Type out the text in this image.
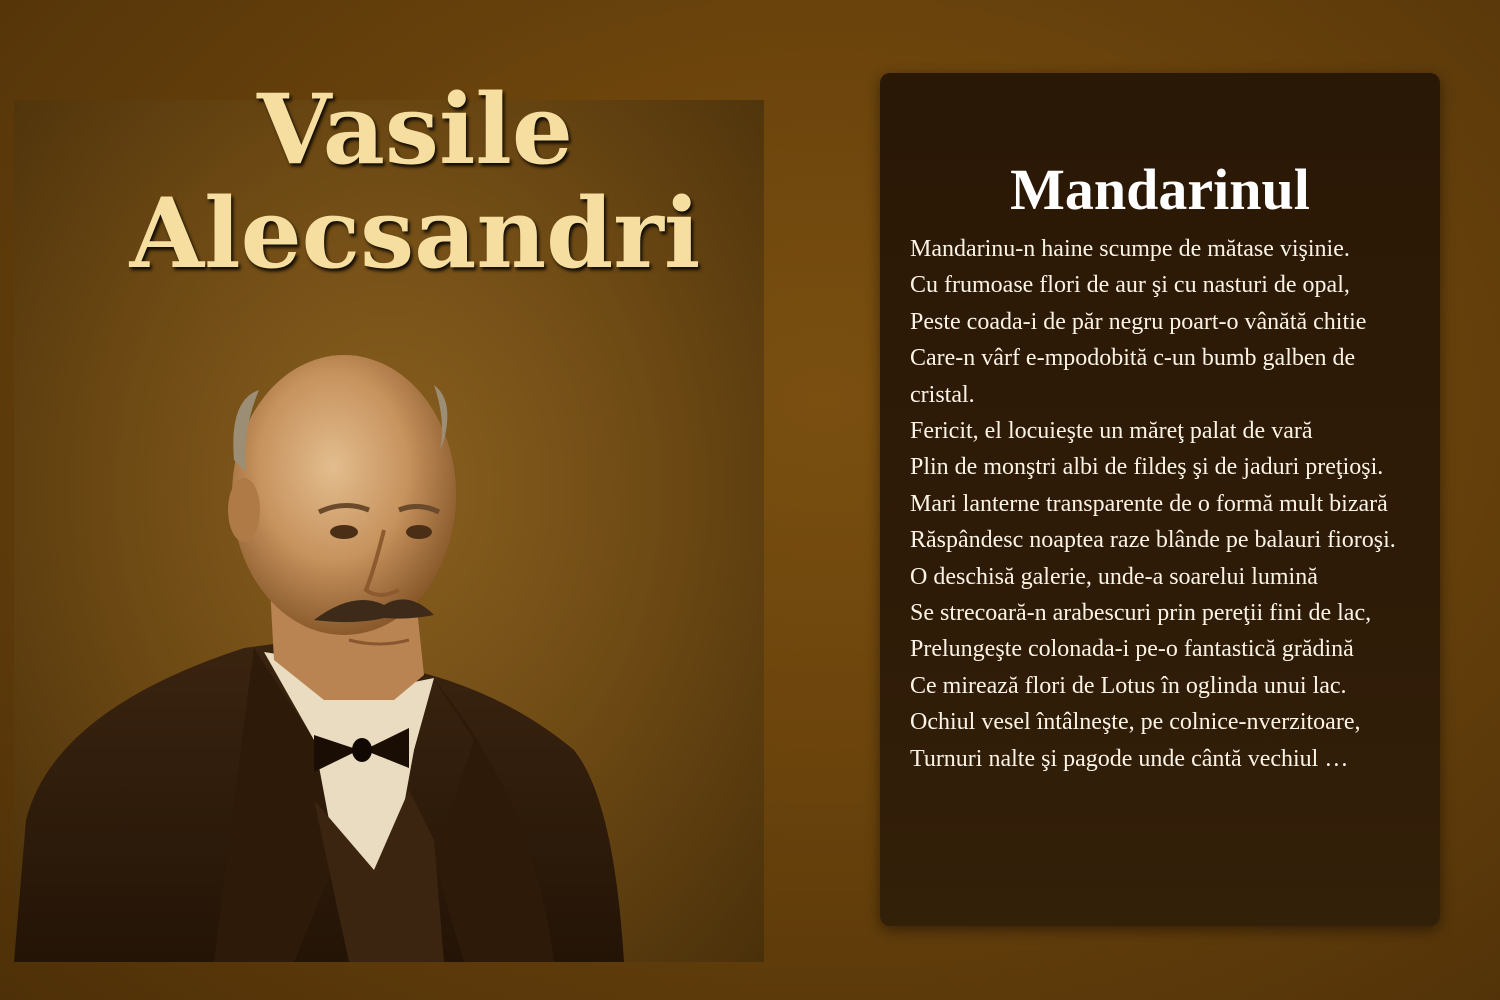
Vasile
Alecsandri	Mandarinul
Mandarinu-n haine scumpe de mătase vişinie.
Cu frumoase flori de aur şi cu nasturi de opal,
Peste coada-i de păr negru poart-o vânătă chitie
Care-n vârf e-mpodobită c-un bumb galben de cristal.
Fericit, el locuieşte un măreţ palat de vară
Plin de monştri albi de fildeş şi de jaduri preţioşi.
Mari lanterne transparente de o formă mult bizară
Răspândesc noaptea raze blânde pe balauri fioroşi.
O deschisă galerie, unde-a soarelui lumină
Se strecoară-n arabescuri prin pereţii fini de lac,
Prelungeşte colonada-i pe-o fantastică grădină
Ce mirează flori de Lotus în oglinda unui lac.
Ochiul vesel întâlneşte, pe colnice-nverzitoare,
Turnuri nalte şi pagode unde cântă vechiul …
